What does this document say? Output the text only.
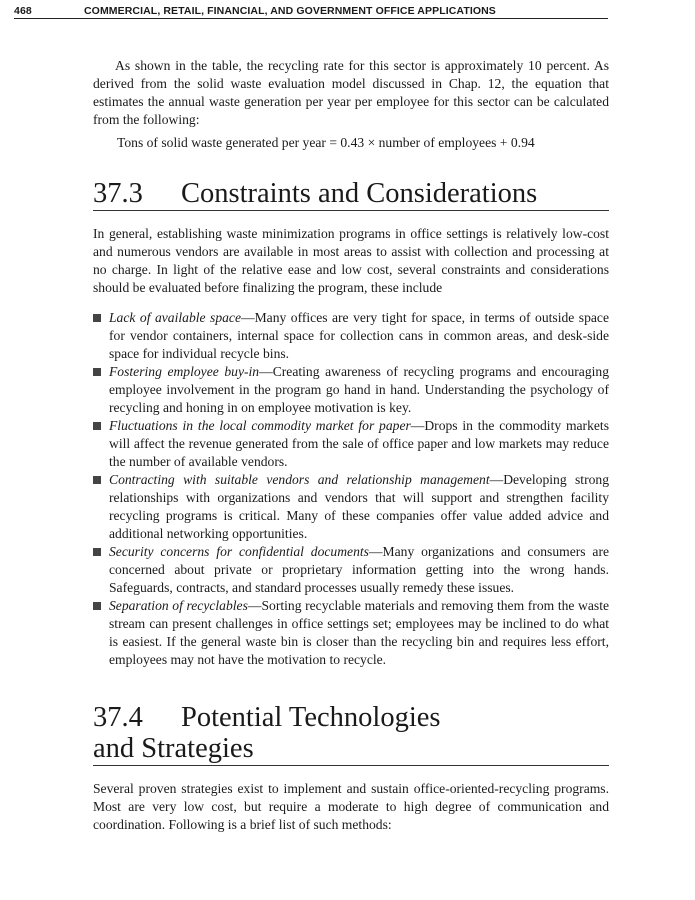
468	COMMERCIAL, RETAIL, FINANCIAL, AND GOVERNMENT OFFICE APPLICATIONS

As shown in the table, the recycling rate for this sector is approximately 10 percent. As derived from the solid waste evaluation model discussed in Chap. 12, the equation that estimates the annual waste generation per year per employee for this sector can be calculated from the following:

Tons of solid waste generated per year = 0.43 × number of employees + 0.94
37.3 Constraints and Considerations

In general, establishing waste minimization programs in office settings is relatively low-cost and numerous vendors are available in most areas to assist with collection and processing at no charge. In light of the relative ease and low cost, several constraints and considerations should be evaluated before finalizing the program, these include

Lack of available space—Many offices are very tight for space, in terms of outside space for vendor containers, internal space for collection cans in common areas, and desk-side space for individual recycle bins.
Fostering employee buy-in—Creating awareness of recycling programs and encouraging employee involvement in the program go hand in hand. Understanding the psychology of recycling and honing in on employee motivation is key.
Fluctuations in the local commodity market for paper—Drops in the commodity markets will affect the revenue generated from the sale of office paper and low markets may reduce the number of available vendors.
Contracting with suitable vendors and relationship management—Developing strong relationships with organizations and vendors that will support and strengthen facility recycling programs is critical. Many of these companies offer value added advice and additional networking opportunities.
Security concerns for confidential documents—Many organizations and consumers are concerned about private or proprietary information getting into the wrong hands. Safeguards, contracts, and standard processes usually remedy these issues.
Separation of recyclables—Sorting recyclable materials and removing them from the waste stream can present challenges in office settings set; employees may be inclined to do what is easiest. If the general waste bin is closer than the recycling bin and requires less effort, employees may not have the motivation to recycle.
37.4 Potential Technologies
and Strategies

Several proven strategies exist to implement and sustain office-oriented-recycling programs. Most are very low cost, but require a moderate to high degree of communication and coordination. Following is a brief list of such methods:
